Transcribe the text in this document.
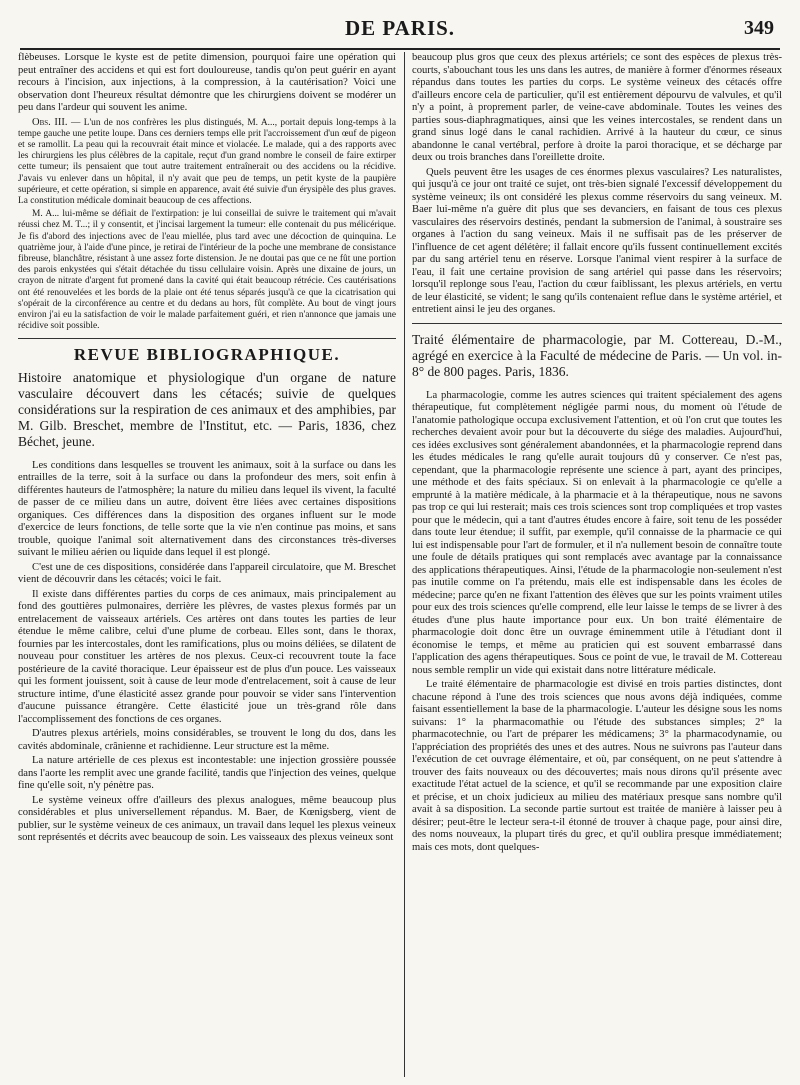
DE PARIS.	349

flèbeuses. Lorsque le kyste est de petite dimension, pourquoi faire une opération qui peut entraîner des accidens et qui est fort douloureuse, tandis qu'on peut guérir en ayant recours à l'incision, aux injections, à la compression, à la cautérisation? Voici une observation dont l'heureux résultat démontre que les chirurgiens doivent se modérer un peu dans l'ardeur qui souvent les anime.

Obs. III. — L'un de nos confrères les plus distingués, M. A..., portait depuis long-temps à la tempe gauche une petite loupe. Dans ces derniers temps elle prit l'accroissement d'un œuf de pigeon et se ramollit. La peau qui la recouvrait était mince et violacée. Le malade, qui a des rapports avec les chirurgiens les plus célèbres de la capitale, reçut d'un grand nombre le conseil de faire extirper cette tumeur; ils pensaient que tout autre traitement entraînerait ou des accidens ou la récidive. J'avais vu enlever dans un hôpital, il n'y avait que peu de temps, un petit kyste de la paupière supérieure, et cette opération, si simple en apparence, avait été suivie d'un érysipèle des plus graves. La constitution médicale dominait beaucoup de ces affections.

M. A... lui-même se défiait de l'extirpation: je lui conseillai de suivre le traitement qui m'avait réussi chez M. T...; il y consentit, et j'incisai largement la tumeur: elle contenait du pus mélicérique. Je fis d'abord des injections avec de l'eau miellée, plus tard avec une décoction de quinquina. Le quatrième jour, à l'aide d'une pince, je retirai de l'intérieur de la poche une membrane de consistance fibreuse, blanchâtre, résistant à une assez forte distension. Je ne doutai pas que ce ne fût une portion des parois enkystées qui s'était détachée du tissu cellulaire voisin. Après une dixaine de jours, un crayon de nitrate d'argent fut promené dans la cavité qui était beaucoup rétrécie. Ces cautérisations ont été renouvelées et les bords de la plaie ont été tenus séparés jusqu'à ce que la cicatrisation qui s'opérait de la circonférence au centre et du dedans au hors, fût complète. Au bout de vingt jours environ j'ai eu la satisfaction de voir le malade parfaitement guéri, et rien n'annonce que jamais une récidive soit possible.

REVUE BIBLIOGRAPHIQUE.

Histoire anatomique et physiologique d'un organe de nature vasculaire découvert dans les cétacés; suivie de quelques considérations sur la respiration de ces animaux et des amphibies, par M. Gilb. Breschet, membre de l'Institut, etc. — Paris, 1836, chez Béchet, jeune.

Les conditions dans lesquelles se trouvent les animaux, soit à la surface ou dans les entrailles de la terre, soit à la surface ou dans la profondeur des mers, soit enfin à différentes hauteurs de l'atmosphère; la nature du milieu dans lequel ils vivent, la faculté de passer de ce milieu dans un autre, doivent être liées avec certaines dispositions organiques. Ces différences dans la disposition des organes influent sur le mode d'exercice de leurs fonctions, de telle sorte que la vie n'en continue pas moins, et sans trouble, quoique l'animal soit alternativement dans des circonstances très-diverses suivant le milieu aérien ou liquide dans lequel il est plongé.

C'est une de ces dispositions, considérée dans l'appareil circulatoire, que M. Breschet vient de découvrir dans les cétacés; voici le fait.

Il existe dans différentes parties du corps de ces animaux, mais principalement au fond des gouttières pulmonaires, derrière les plèvres, de vastes plexus formés par un entrelacement de vaisseaux artériels. Ces artères ont dans toutes les parties de leur étendue le même calibre, celui d'une plume de corbeau. Elles sont, dans le thorax, fournies par les intercostales, dont les ramifications, plus ou moins déliées, se dilatent de nouveau pour constituer les artères de nos plexus. Ceux-ci recouvrent toute la face postérieure de la cavité thoracique. Leur épaisseur est de plus d'un pouce. Les vaisseaux qui les forment jouissent, soit à cause de leur mode d'entrelacement, soit à cause de leur structure intime, d'une élasticité assez grande pour pouvoir se vider sans l'intervention d'aucune puissance étrangère. Cette élasticité joue un très-grand rôle dans l'accomplissement des fonctions de ces organes.

D'autres plexus artériels, moins considérables, se trouvent le long du dos, dans les cavités abdominale, crânienne et rachidienne. Leur structure est la même.

La nature artérielle de ces plexus est incontestable: une injection grossière poussée dans l'aorte les remplit avec une grande facilité, tandis que l'injection des veines, quelque fine qu'elle soit, n'y pénètre pas.

Le système veineux offre d'ailleurs des plexus analogues, même beaucoup plus considérables et plus universellement répandus. M. Baer, de Kœnigsberg, vient de publier, sur le système veineux de ces animaux, un travail dans lequel les plexus veineux sont représentés et décrits avec beaucoup de soin. Les vaisseaux des plexus veineux sont

beaucoup plus gros que ceux des plexus artériels; ce sont des espèces de plexus très-courts, s'abouchant tous les uns dans les autres, de manière à former d'énormes réseaux répandus dans toutes les parties du corps. Le système veineux des cétacés offre d'ailleurs encore cela de particulier, qu'il est entièrement dépourvu de valvules, et qu'il n'y a point, à proprement parler, de veine-cave abdominale. Toutes les veines des parties sous-diaphragmatiques, ainsi que les veines intercostales, se rendent dans un grand sinus logé dans le canal rachidien. Arrivé à la hauteur du cœur, ce sinus abandonne le canal vertébral, perfore à droite la paroi thoracique, et se décharge par deux ou trois branches dans l'oreillette droite.

Quels peuvent être les usages de ces énormes plexus vasculaires? Les naturalistes, qui jusqu'à ce jour ont traité ce sujet, ont très-bien signalé l'excessif développement du système veineux; ils ont considéré les plexus comme réservoirs du sang veineux. M. Baer lui-même n'a guère dit plus que ses devanciers, en faisant de tous ces plexus vasculaires des réservoirs destinés, pendant la submersion de l'animal, à soustraire ses organes à l'action du sang veineux. Mais il ne suffisait pas de les préserver de l'influence de cet agent délétère; il fallait encore qu'ils fussent continuellement excités par du sang artériel tenu en réserve. Lorsque l'animal vient respirer à la surface de l'eau, il fait une certaine provision de sang artériel qui passe dans les réservoirs; lorsqu'il replonge sous l'eau, l'action du cœur faiblissant, les plexus artériels, en vertu de leur élasticité, se vident; le sang qu'ils contenaient reflue dans le système artériel, et entretient ainsi le jeu des organes.

Traité élémentaire de pharmacologie, par M. Cottereau, D.-M., agrégé en exercice à la Faculté de médecine de Paris. — Un vol. in-8° de 800 pages. Paris, 1836.

La pharmacologie, comme les autres sciences qui traitent spécialement des agens thérapeutique, fut complètement négligée parmi nous, du moment où l'étude de l'anatomie pathologique occupa exclusivement l'attention, et où l'on crut que toutes les recherches devaient avoir pour but la découverte du siége des maladies. Aujourd'hui, ces idées exclusives sont généralement abandonnées, et la pharmacologie reprend dans les études médicales le rang qu'elle aurait toujours dû y conserver. Ce n'est pas, cependant, que la pharmacologie représente une science à part, ayant des principes, une méthode et des faits spéciaux. Si on enlevait à la pharmacologie ce qu'elle a emprunté à la matière médicale, à la pharmacie et à la thérapeutique, nous ne savons pas trop ce qui lui resterait; mais ces trois sciences sont trop compliquées et trop vastes pour que le médecin, qui a tant d'autres études encore à faire, soit tenu de les posséder dans toute leur étendue; il suffit, par exemple, qu'il connaisse de la pharmacie ce qui lui est indispensable pour l'art de formuler, et il n'a nullement besoin de connaître toute une foule de détails pratiques qui sont remplacés avec avantage par la connaissance des applications thérapeutiques. Ainsi, l'étude de la pharmacologie non-seulement n'est pas inutile comme on l'a prétendu, mais elle est indispensable dans les écoles de médecine; parce qu'en ne fixant l'attention des élèves que sur les points vraiment utiles pour eux des trois sciences qu'elle comprend, elle leur laisse le temps de se livrer à des études d'une plus haute importance pour eux. Un bon traité élémentaire de pharmacologie doit donc être un ouvrage éminemment utile à l'étudiant dont il économise le temps, et même au praticien qui est souvent embarrassé dans l'application des agens thérapeutiques. Sous ce point de vue, le travail de M. Cottereau nous semble remplir un vide qui existait dans notre littérature médicale.

Le traité élémentaire de pharmacologie est divisé en trois parties distinctes, dont chacune répond à l'une des trois sciences que nous avons déjà indiquées, comme faisant essentiellement la base de la pharmacologie. L'auteur les désigne sous les noms suivans: 1° la pharmacomathie ou l'étude des substances simples; 2° la pharmacotechnie, ou l'art de préparer les médicamens; 3° la pharmacodynamie, ou l'appréciation des propriétés des unes et des autres. Nous ne suivrons pas l'auteur dans l'exécution de cet ouvrage élémentaire, et où, par conséquent, on ne peut s'attendre à trouver des faits nouveaux ou des découvertes; mais nous dirons qu'il présente avec exactitude l'état actuel de la science, et qu'il se recommande par une exposition claire et précise, et un choix judicieux au milieu des matériaux presque sans nombre qu'il avait à sa disposition. La seconde partie surtout est traitée de manière à laisser peu à désirer; peut-être le lecteur sera-t-il étonné de trouver à chaque page, pour ainsi dire, des noms nouveaux, la plupart tirés du grec, et qu'il oublira presque immédiatement; mais ces mots, dont quelques-
